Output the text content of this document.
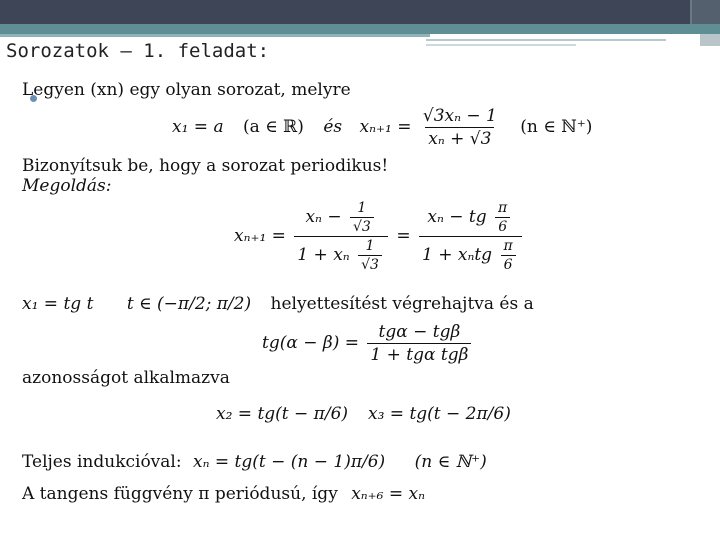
Sorozatok – 1. feladat:
Legyen (xn) egy olyan sorozat, melyre
x₁ = a (a ∈ ℝ) és $x_{n+1} = \frac{\text{√3xₙ − 1}}{\text{xₙ + √3}} (n$ ∈ ℕ⁺)
Bizonyítsuk be, hogy a sorozat periodikus!
Megoldás:
$x_{n+1} = \frac{x_n - \frac{1}{√3}}{1 + x_n \frac{1}{√3}} = \frac{x_n - tg \frac{\pi}{6}}{1 + x_ntg \frac{\pi}{6}}$
x₁ = tg t t ∈ (−π/2; π/2) helyettesítést végrehajtva és a
$tg(\alpha - \beta) = \frac{\text{tgα − tgβ}}{\text{1 + tgα tgβ}}$
azonosságot alkalmazva
x₂ = tg(t − π/6) x₃ = tg(t − 2π/6)
Teljes indukcióval: xₙ = tg(t − (n − 1)π/6) (n ∈ ℕ⁺)
A tangens függvény π periódusú, így xₙ₊₆ = xₙ
